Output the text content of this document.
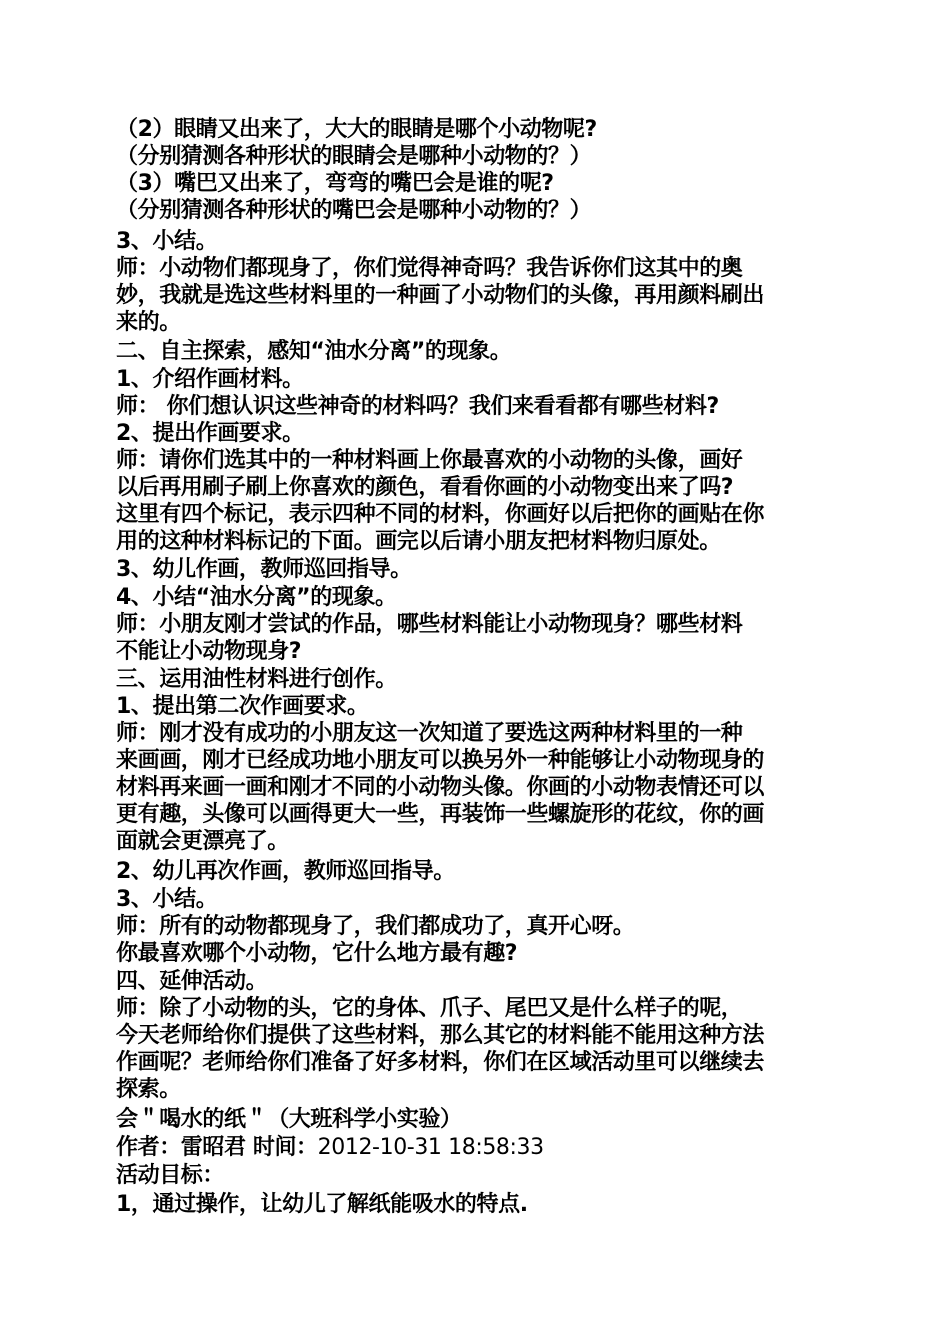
（2）眼睛又出来了，大大的眼睛是哪个小动物呢?
（分别猜测各种形状的眼睛会是哪种小动物的？）
（3）嘴巴又出来了，弯弯的嘴巴会是谁的呢?
（分别猜测各种形状的嘴巴会是哪种小动物的？）
3、小结。
师：小动物们都现身了，你们觉得神奇吗？我告诉你们这其中的奥
妙，我就是选这些材料里的一种画了小动物们的头像，再用颜料刷出
来的。
二、自主探索，感知“油水分离”的现象。
1、介绍作画材料。
师： 你们想认识这些神奇的材料吗？我们来看看都有哪些材料?
2、提出作画要求。
师：请你们选其中的一种材料画上你最喜欢的小动物的头像，画好
以后再用刷子刷上你喜欢的颜色，看看你画的小动物变出来了吗?
这里有四个标记，表示四种不同的材料，你画好以后把你的画贴在你
用的这种材料标记的下面。画完以后请小朋友把材料物归原处。
3、幼儿作画，教师巡回指导。
4、小结“油水分离”的现象。
师：小朋友刚才尝试的作品，哪些材料能让小动物现身？哪些材料
不能让小动物现身?
三、运用油性材料进行创作。
1、提出第二次作画要求。
师：刚才没有成功的小朋友这一次知道了要选这两种材料里的一种
来画画，刚才已经成功地小朋友可以换另外一种能够让小动物现身的
材料再来画一画和刚才不同的小动物头像。你画的小动物表情还可以
更有趣，头像可以画得更大一些，再装饰一些螺旋形的花纹，你的画
面就会更漂亮了。
2、幼儿再次作画，教师巡回指导。
3、小结。
师：所有的动物都现身了，我们都成功了，真开心呀。
你最喜欢哪个小动物，它什么地方最有趣?
四、延伸活动。
师：除了小动物的头，它的身体、爪子、尾巴又是什么样子的呢，
今天老师给你们提供了这些材料，那么其它的材料能不能用这种方法
作画呢？老师给你们准备了好多材料，你们在区域活动里可以继续去
探索。
会＂喝水的纸＂（大班科学小实验）
作者：雷昭君 时间：2012-10-31 18:58:33
活动目标：
1，通过操作，让幼儿了解纸能吸水的特点.
